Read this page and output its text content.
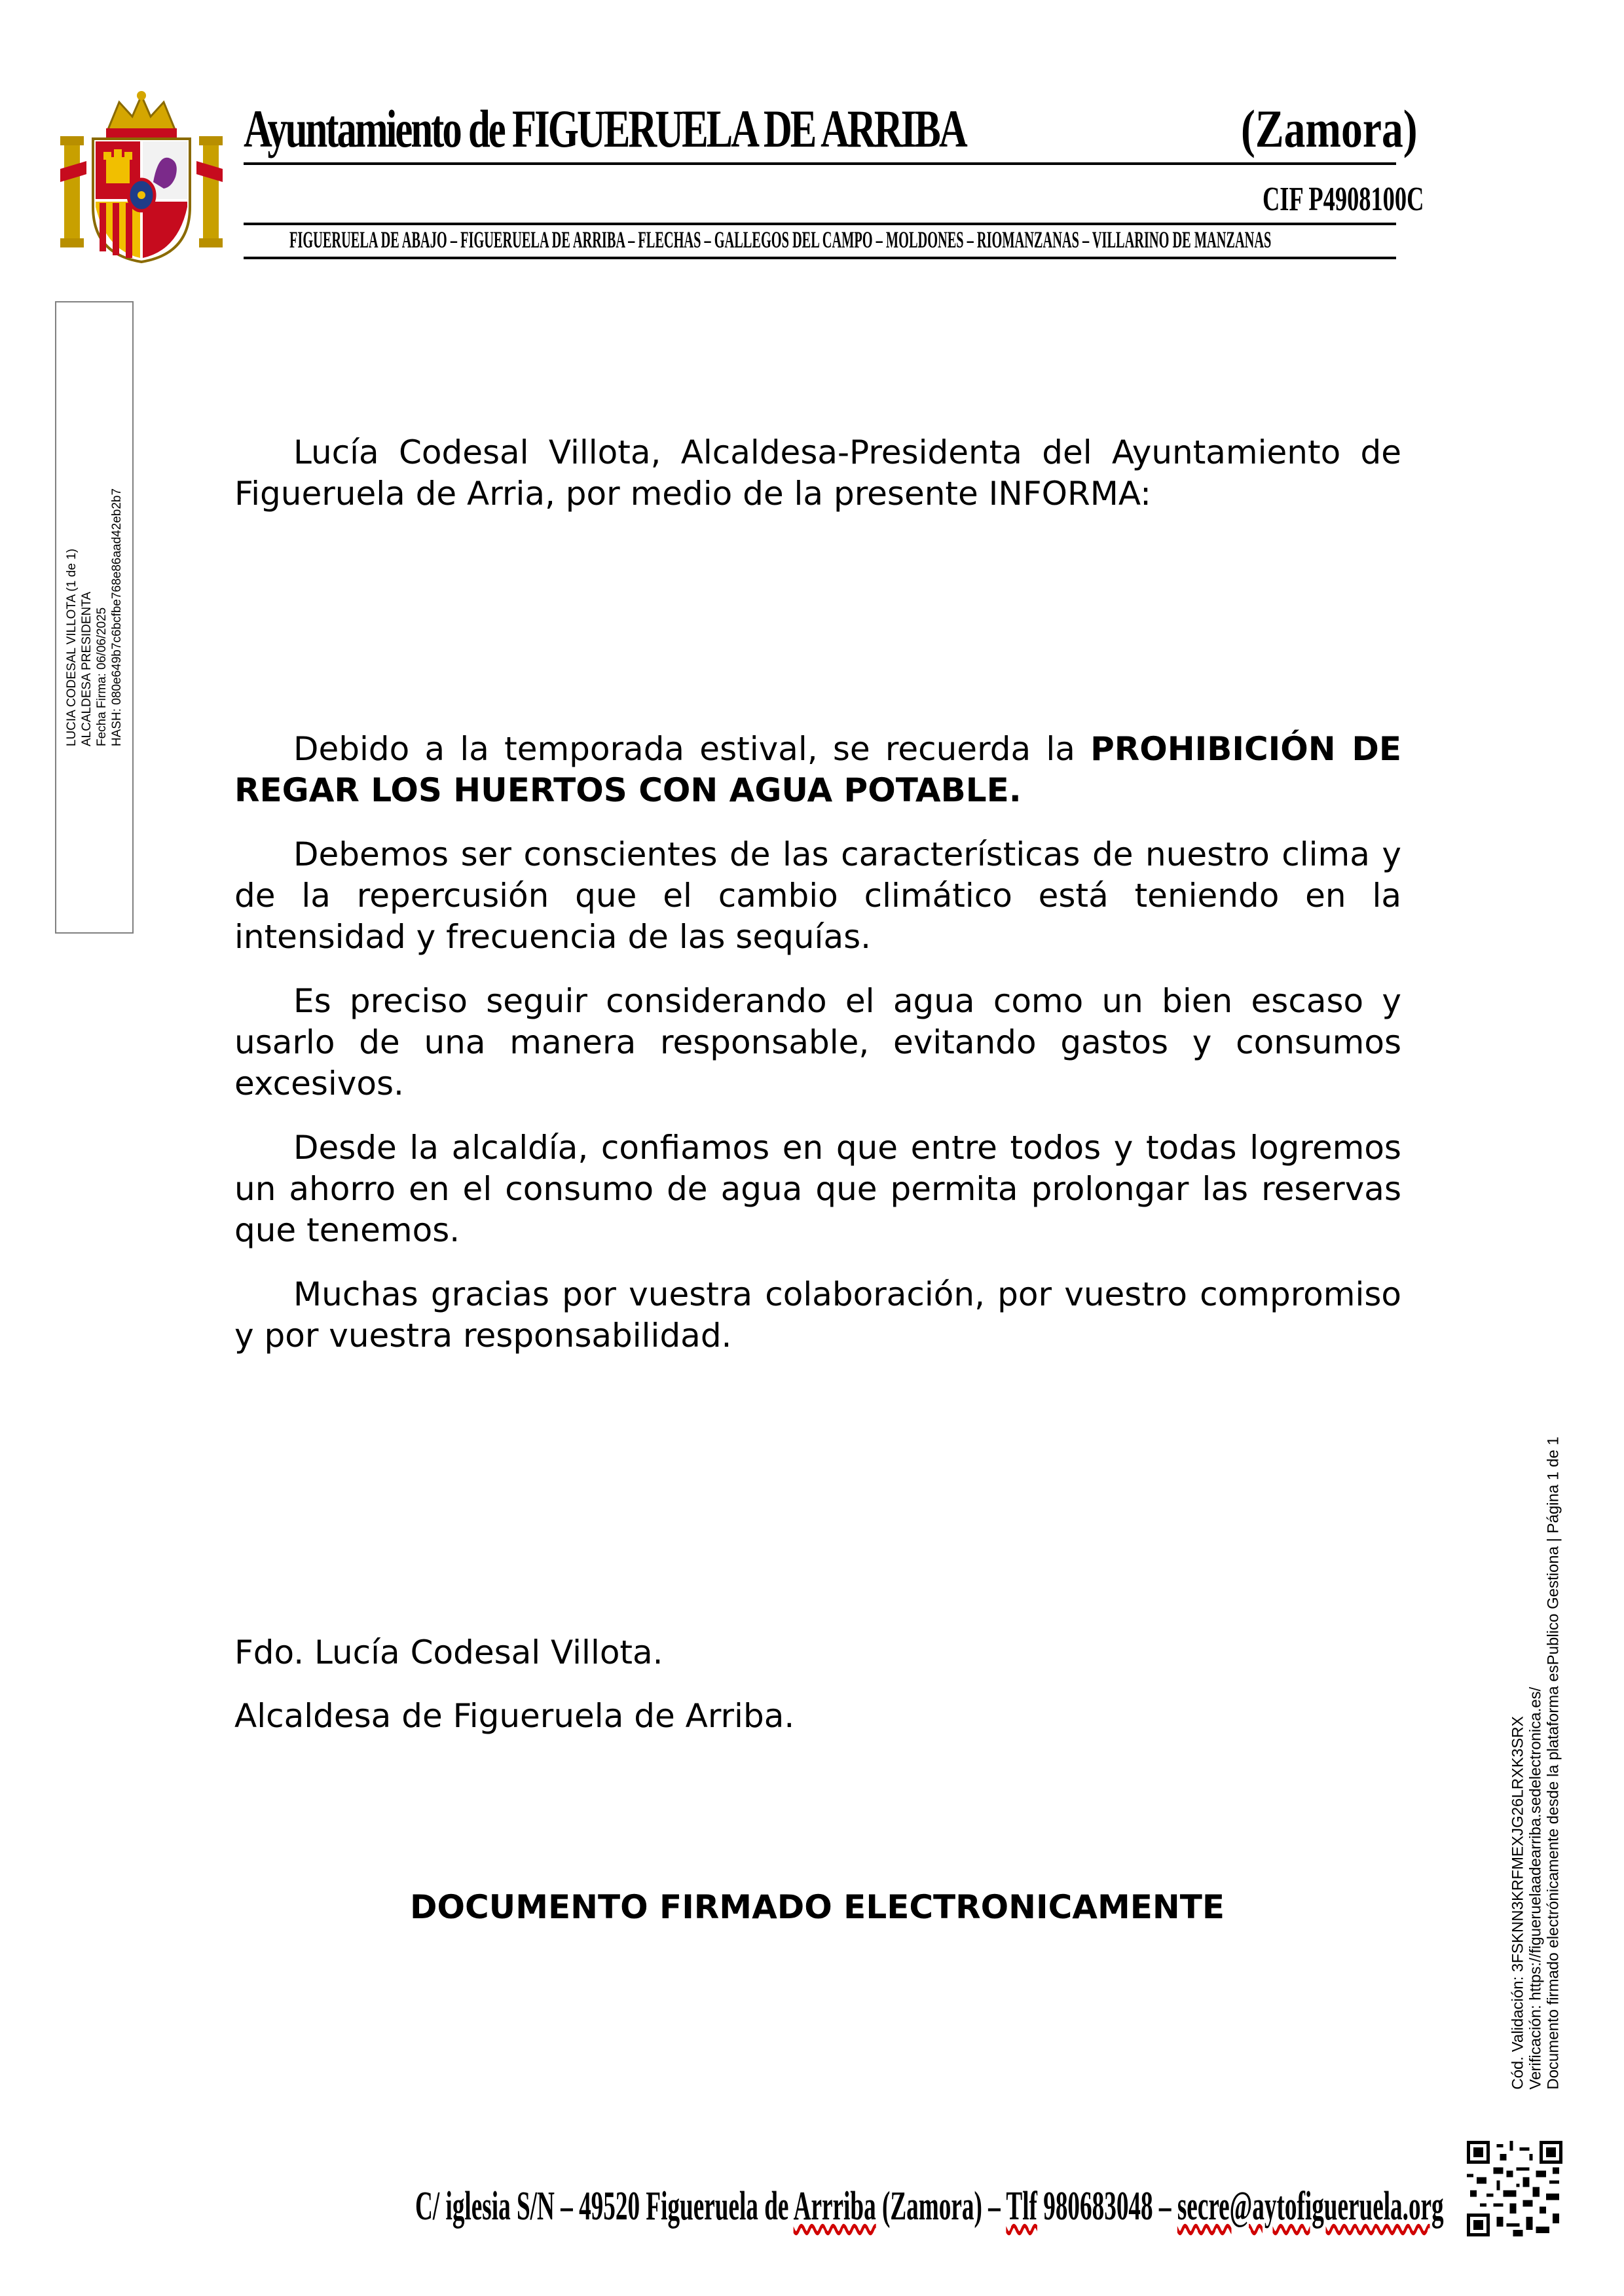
Ayuntamiento de FIGUERUELA DE ARRIBA	(Zamora)
CIF P4908100C
FIGUERUELA DE ABAJO – FIGUERUELA DE ARRIBA – FLECHAS – GALLEGOS DEL CAMPO – MOLDONES – RIOMANZANAS – VILLARINO DE MANZANAS
LUCIA CODESAL VILLOTA (1 de 1) ALCALDESA PRESIDENTA Fecha Firma: 06/06/2025 HASH: 080e649b7c6bcfbe768e86aad42eb2b7

Lucía Codesal Villota, Alcaldesa-Presidenta del Ayuntamiento de Figueruela de Arria, por medio de la presente INFORMA:

Debido a la temporada estival, se recuerda la PROHIBICIÓN DE REGAR LOS HUERTOS CON AGUA POTABLE.

Debemos ser conscientes de las características de nuestro clima y de la repercusión que el cambio climático está teniendo en la intensidad y frecuencia de las sequías.

Es preciso seguir considerando el agua como un bien escaso y usarlo de una manera responsable, evitando gastos y consumos excesivos.

Desde la alcaldía, confiamos en que entre todos y todas logremos un ahorro en el consumo de agua que permita prolongar las reservas que tenemos.

Muchas gracias por vuestra colaboración, por vuestro compromiso y por vuestra responsabilidad.

Fdo. Lucía Codesal Villota.
Alcaldesa de Figueruela de Arriba.
DOCUMENTO FIRMADO ELECTRONICAMENTE	Cód. Validación: 3FSKNN3KRFMEXJG26LRXK3SRX Verificación: https://figueruelaadearriba.sedelectronica.es/ Documento firmado electrónicamente desde la plataforma esPublico Gestiona | Página 1 de 1
C/ iglesia S/N – 49520 Figueruela de Arrriba (Zamora) – Tlf 980683048 – secre@aytofigueruela.org
